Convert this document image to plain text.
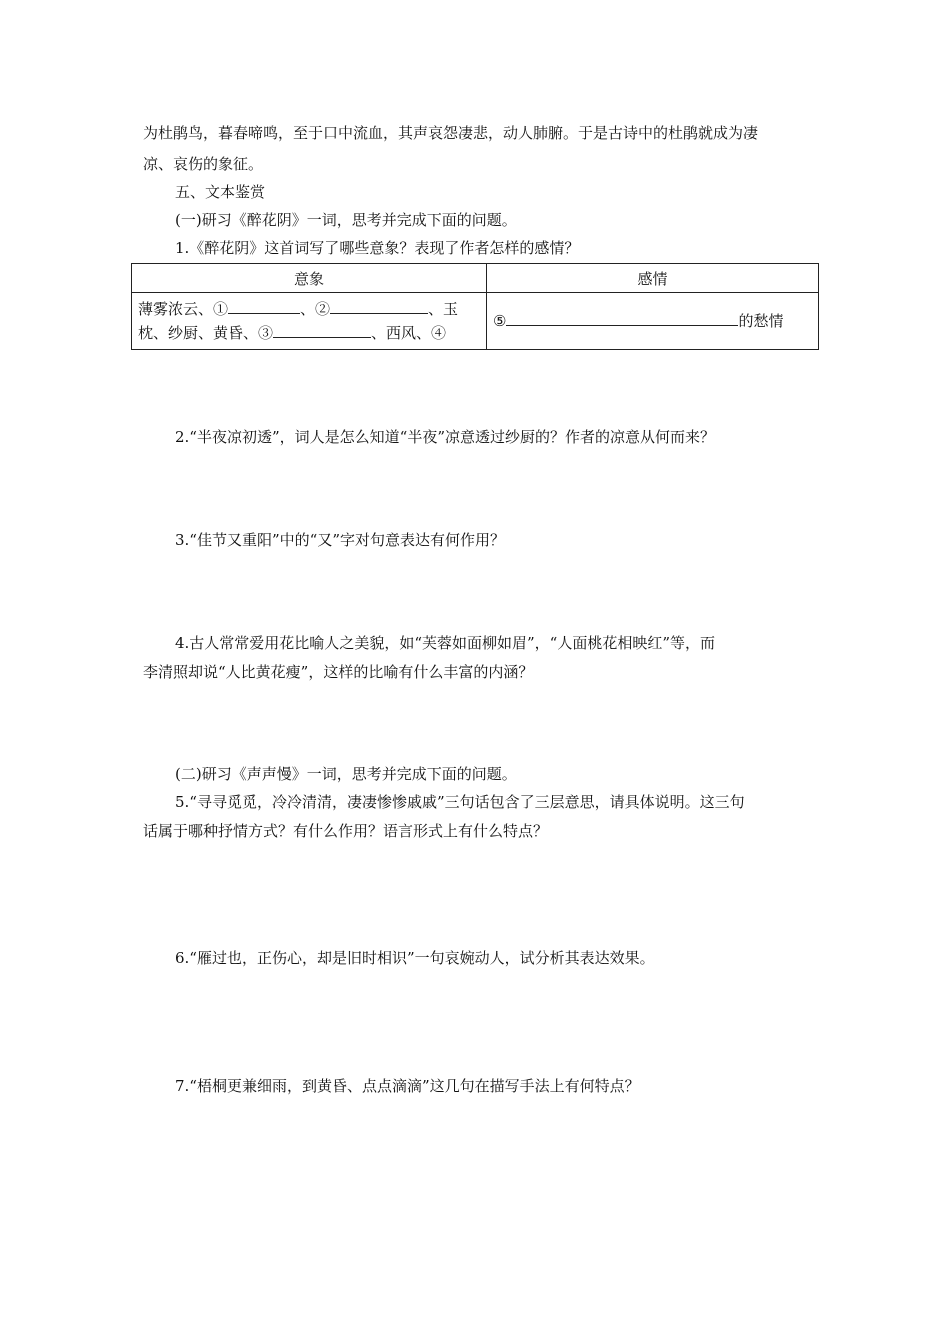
为杜鹃鸟，暮春啼鸣，至于口中流血，其声哀怨凄悲，动人肺腑。于是古诗中的杜鹃就成为凄
凉、哀伤的象征。
五、文本鉴赏
(一)研习《醉花阴》一词，思考并完成下面的问题。
1.《醉花阴》这首词写了哪些意象？表现了作者怎样的感情？
意象	感情
薄雾浓云、① 、② 、玉
枕、纱厨、黄昏、③ 、西风、④	⑤ 的愁情
2.“半夜凉初透”，词人是怎么知道“半夜”凉意透过纱厨的？作者的凉意从何而来？
3.“佳节又重阳”中的“又”字对句意表达有何作用？
4.古人常常爱用花比喻人之美貌，如“芙蓉如面柳如眉”，“人面桃花相映红”等，而
李清照却说“人比黄花瘦”，这样的比喻有什么丰富的内涵？
(二)研习《声声慢》一词，思考并完成下面的问题。
5.“寻寻觅觅，冷冷清清，凄凄惨惨戚戚”三句话包含了三层意思，请具体说明。这三句
话属于哪种抒情方式？有什么作用？语言形式上有什么特点？
6.“雁过也，正伤心，却是旧时相识”一句哀婉动人，试分析其表达效果。
7.“梧桐更兼细雨，到黄昏、点点滴滴”这几句在描写手法上有何特点？
